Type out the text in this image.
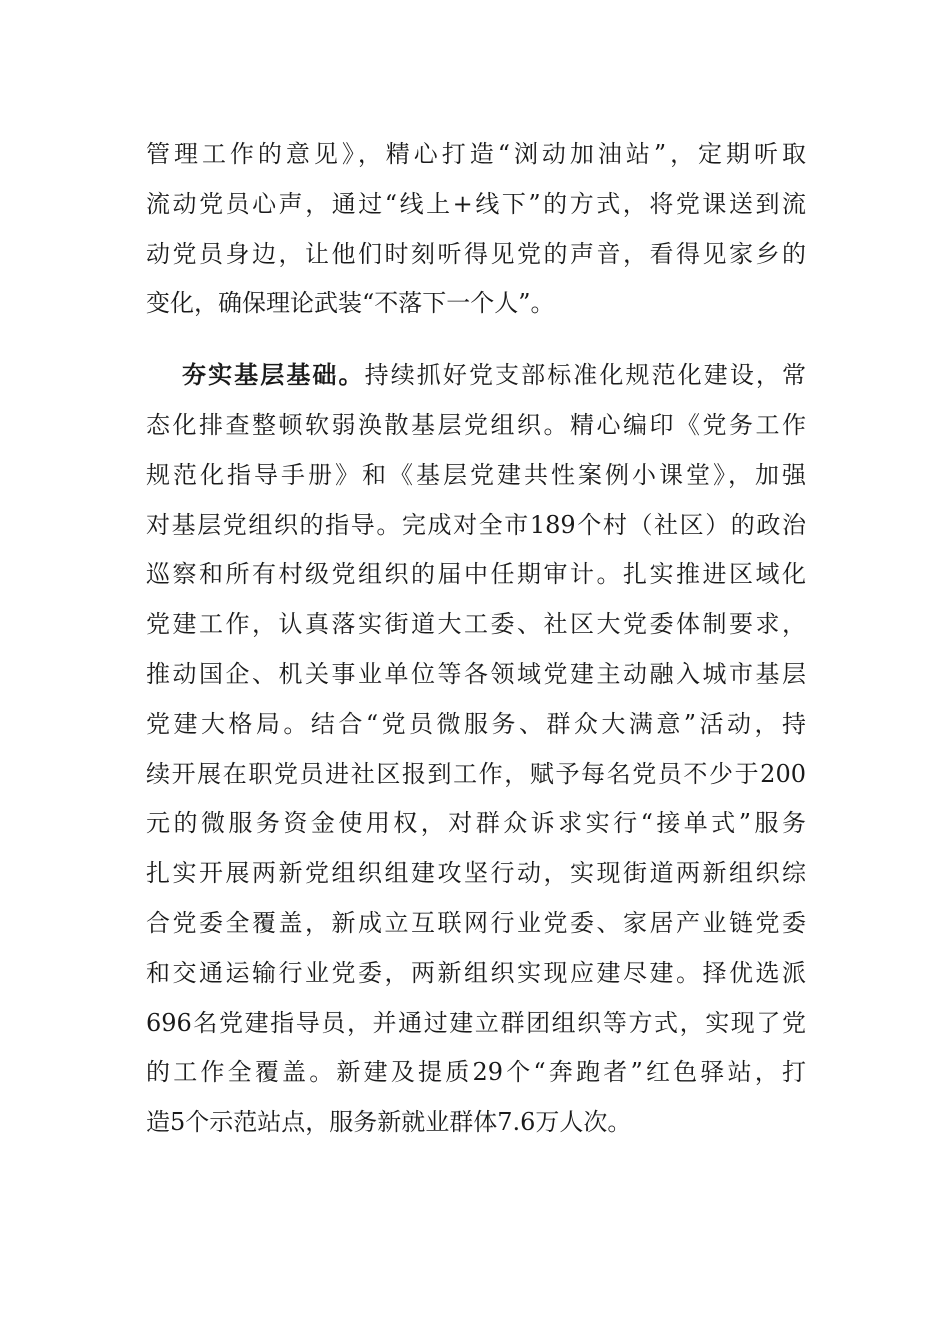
管理工作的意见》，精心打造“浏动加油站”，定期听取
流动党员心声，通过“线上+线下”的方式，将党课送到流
动党员身边，让他们时刻听得见党的声音，看得见家乡的
变化，确保理论武装“不落下一个人”。
夯实基层基础。持续抓好党支部标准化规范化建设，常
态化排查整顿软弱涣散基层党组织。精心编印《党务工作
规范化指导手册》和《基层党建共性案例小课堂》，加强
对基层党组织的指导。完成对全市189个村（社区）的政治
巡察和所有村级党组织的届中任期审计。扎实推进区域化
党建工作，认真落实街道大工委、社区大党委体制要求，
推动国企、机关事业单位等各领域党建主动融入城市基层
党建大格局。结合“党员微服务、群众大满意”活动，持
续开展在职党员进社区报到工作，赋予每名党员不少于200
元的微服务资金使用权，对群众诉求实行“接单式”服务
扎实开展两新党组织组建攻坚行动，实现街道两新组织综
合党委全覆盖，新成立互联网行业党委、家居产业链党委
和交通运输行业党委，两新组织实现应建尽建。择优选派
696名党建指导员，并通过建立群团组织等方式，实现了党
的工作全覆盖。新建及提质29个“奔跑者”红色驿站，打
造5个示范站点，服务新就业群体7.6万人次。
